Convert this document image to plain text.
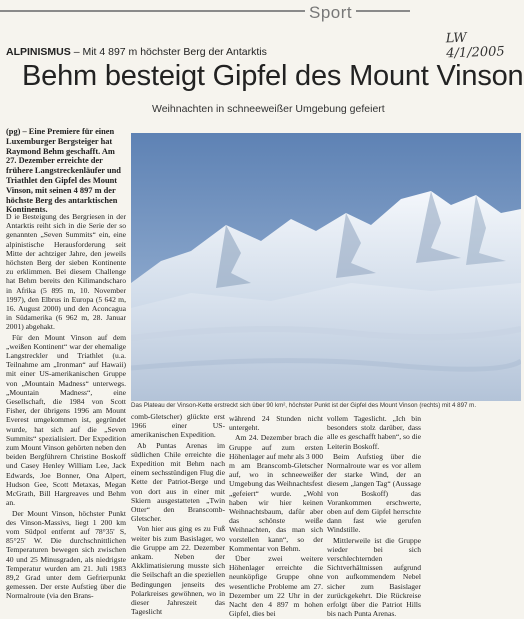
Sport
LW 4/1/2005
ALPINISMUS – Mit 4 897 m höchster Berg der Antarktis
Behm besteigt Gipfel des Mount Vinson
Weihnachten in schneeweißer Umgebung gefeiert
(pg) – Eine Premiere für einen Luxemburger Bergsteiger hat Raymond Behm geschafft. Am 27. Dezember erreichte der frühere Langstreckenläufer und Triathlet den Gipfel des Mount Vinson, mit seinen 4 897 m der höchste Berg des antarktischen Kontinents.

D ie Besteigung des Bergriesen in der Antarktis reiht sich in die Serie der so genannten „Seven Summits“ ein, eine alpinistische Herausforderung seit Mitte der achtziger Jahre, den jeweils höchsten Berg der sieben Kontinente zu erklimmen. Bei diesem Challenge hat Behm bereits den Kilimandscharo in Afrika (5 895 m, 10. November 1997), den Elbrus in Europa (5 642 m, 16. August 2000) und den Aconcagua in Südamerika (6 962 m, 28. Januar 2001) abgehakt.

Für den Mount Vinson auf dem „weißen Kontinent“ war der ehemalige Langstreckler und Triathlet (u.a. Teilnahme am „Ironman“ auf Hawaii) mit einer US-amerikanischen Gruppe von „Mountain Madness“ unterwegs. „Mountain Madness“, eine Gesellschaft, die 1984 von Scott Fisher, der übrigens 1996 am Mount Everest umgekommen ist, gegründet wurde, hat sich auf die „Seven Summits“ spezialisiert. Der Expedition zum Mount Vinson gehörten neben den beiden Bergführern Christine Boskoff und Casey Henley William Lee, Jack Edwards, Joe Bonner, Ona Alpert, Hudson Gee, Scott Metaxas, Megan McGrath, Bill Hargreaves und Behm an.

Der Mount Vinson, höchster Punkt des Vinson-Massivs, liegt 1 200 km vom Südpol entfernt auf 78°35' S, 85°25' W. Die durchschnittlichen Temperaturen bewegen sich zwischen 40 und 25 Minusgraden, als niedrigste Temperatur wurden am 21. Juli 1983 89,2 Grad unter dem Gefrierpunkt gemessen. Der erste Aufstieg über die Normalroute (via den Brans-

Das Plateau der Vinson-Kette erstreckt sich über 90 km², höchster Punkt ist der Gipfel des Mount Vinson (rechts) mit 4 897 m.

comb-Gletscher) glückte erst 1966 einer US-amerikanischen Expedition.

Ab Puntas Arenas im südlichen Chile erreichte die Expedition mit Behm nach einem sechsstündigen Flug die Kette der Patriot-Berge und von dort aus in einer mit Skiern ausgestatteten „Twin Otter“ den Branscomb-Gletscher.

Von hier aus ging es zu Fuß weiter bis zum Basislager, wo die Gruppe am 22. Dezember ankam. Neben der Akklimatisierung musste sich die Seilschaft an die speziellen Bedingungen jenseits des Polarkreises gewöhnen, wo in dieser Jahreszeit das Tageslicht

während 24 Stunden nicht untergeht.

Am 24. Dezember brach die Gruppe auf zum ersten Höhenlager auf mehr als 3 000 m am Branscomb-Gletscher auf, wo in schneeweißer Umgebung das Weihnachtsfest „gefeiert“ wurde. „Wohl haben wir hier keinen Weihnachtsbaum, dafür aber das schönste weiße Weihnachten, das man sich vorstellen kann“, so der Kommentar von Behm.

Über zwei weitere Höhenlager erreichte die neunköpfige Gruppe ohne wesentliche Probleme am 27. Dezember um 22 Uhr in der Nacht den 4 897 m hohen Gipfel, dies bei

vollem Tageslicht. „Ich bin besonders stolz darüber, dass alle es geschafft haben“, so die Leiterin Boskoff.

Beim Aufstieg über die Normalroute war es vor allem der starke Wind, der an diesem „langen Tag“ (Aussage von Boskoff) das Vorankommen erschwerte, oben auf dem Gipfel herrschte dann fast wie gerufen Windstille.

Mittlerweile ist die Gruppe wieder bei sich verschlechternden Sichtverhältnissen aufgrund von aufkommendem Nebel sicher zum Basislager zurückgekehrt. Die Rückreise erfolgt über die Patriot Hills bis nach Punta Arenas.
